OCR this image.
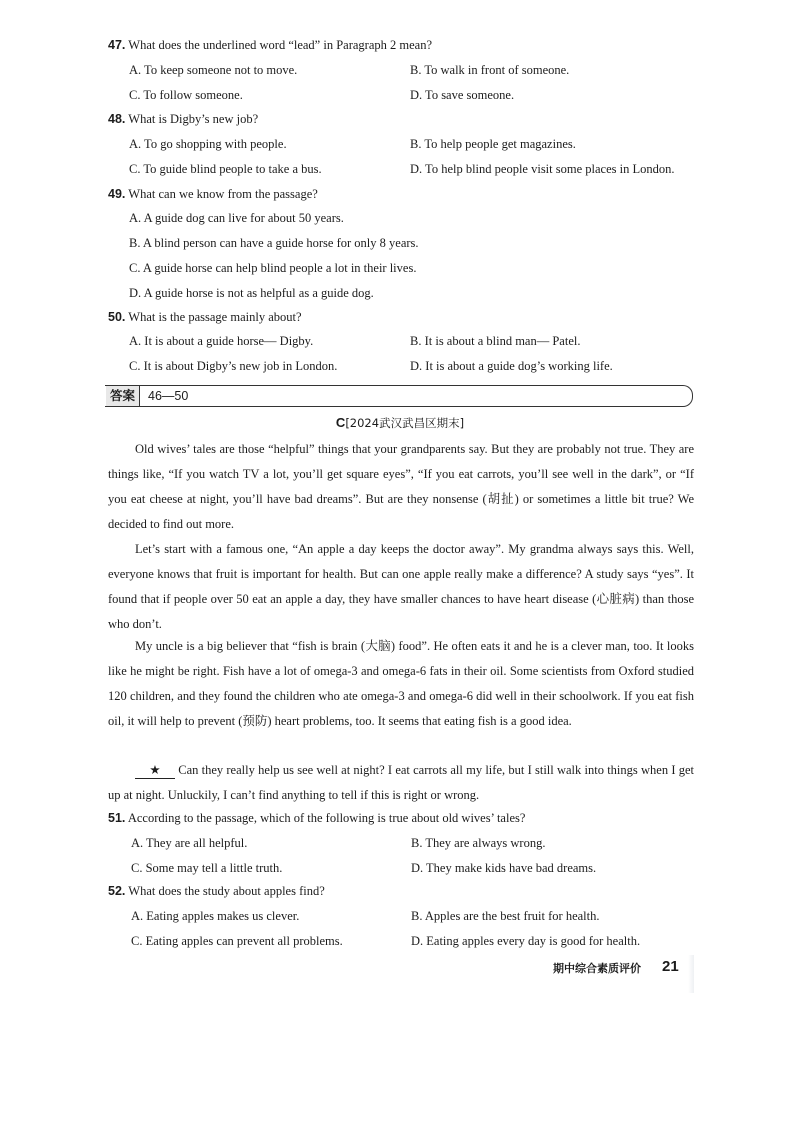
47. What does the underlined word “lead” in Paragraph 2 mean?
A. To keep someone not to move.	B. To walk in front of someone.
C. To follow someone.	D. To save someone.
48. What is Digby’s new job?
A. To go shopping with people.	B. To help people get magazines.
C. To guide blind people to take a bus.	D. To help blind people visit some places in London.
49. What can we know from the passage?
A. A guide dog can live for about 50 years.
B. A blind person can have a guide horse for only 8 years.
C. A guide horse can help blind people a lot in their lives.
D. A guide horse is not as helpful as a guide dog.
50. What is the passage mainly about?
A. It is about a guide horse— Digby.	B. It is about a blind man— Patel.
C. It is about Digby’s new job in London.	D. It is about a guide dog’s working life.
答案	46—50
C[2024武汉武昌区期末]
Old wives’ tales are those “helpful” things that your grandparents say. But they are probably not true. They are things like, “If you watch TV a lot, you’ll get square eyes”, “If you eat carrots, you’ll see well in the dark”, or “If you eat cheese at night, you’ll have bad dreams”. But are they nonsense (胡扯) or sometimes a little bit true? We decided to find out more.
Let’s start with a famous one, “An apple a day keeps the doctor away”. My grandma always says this. Well, everyone knows that fruit is important for health. But can one apple really make a difference? A study says “yes”. It found that if people over 50 eat an apple a day, they have smaller chances to have heart disease (心脏病) than those who don’t.
My uncle is a big believer that “fish is brain (大脑) food”. He often eats it and he is a clever man, too. It looks like he might be right. Fish have a lot of omega-3 and omega-6 fats in their oil. Some scientists from Oxford studied 120 children, and they found the children who ate omega-3 and omega-6 did well in their schoolwork. If you eat fish oil, it will help to prevent (预防) heart problems, too. It seems that eating fish is a good idea.
★ Can they really help us see well at night? I eat carrots all my life, but I still walk into things when I get up at night. Unluckily, I can’t find anything to tell if this is right or wrong.
51. According to the passage, which of the following is true about old wives’ tales?
A. They are all helpful.	B. They are always wrong.
C. Some may tell a little truth.	D. They make kids have bad dreams.
52. What does the study about apples find?
A. Eating apples makes us clever.	B. Apples are the best fruit for health.
C. Eating apples can prevent all problems.	D. Eating apples every day is good for health.
期中综合素质评价 21
